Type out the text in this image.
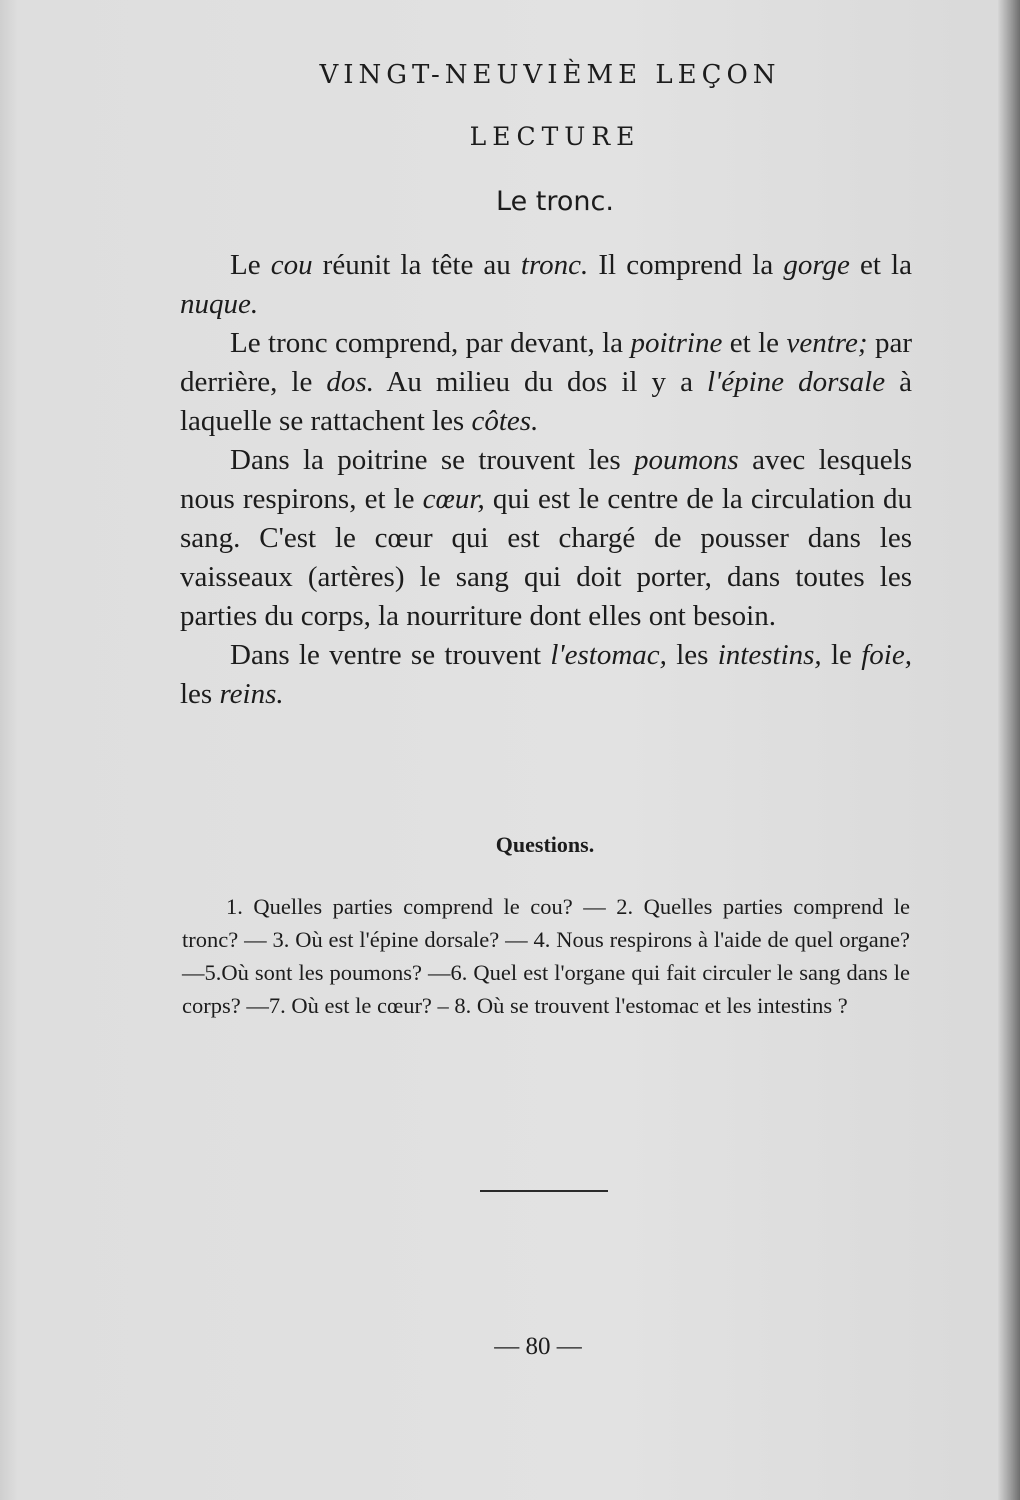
VINGT-NEUVIÈME LEÇON
LECTURE
Le tronc.

Le cou réunit la tête au tronc. Il comprend la gorge et la nuque.

Le tronc comprend, par devant, la poitrine et le ventre; par derrière, le dos. Au milieu du dos il y a l'épine dorsale à laquelle se rattachent les côtes.

Dans la poitrine se trouvent les poumons avec lesquels nous respirons, et le cœur, qui est le centre de la circulation du sang. C'est le cœur qui est chargé de pousser dans les vaisseaux (artères) le sang qui doit porter, dans toutes les parties du corps, la nourriture dont elles ont besoin.

Dans le ventre se trouvent l'estomac, les intestins, le foie, les reins.

Questions.

1. Quelles parties comprend le cou? — 2. Quelles parties comprend le tronc? — 3. Où est l'épine dorsale? — 4. Nous respirons à l'aide de quel organe?—5.Où sont les poumons? —6. Quel est l'organe qui fait circuler le sang dans le corps? —7. Où est le cœur? – 8. Où se trouvent l'estomac et les intestins ?

— 80 —
